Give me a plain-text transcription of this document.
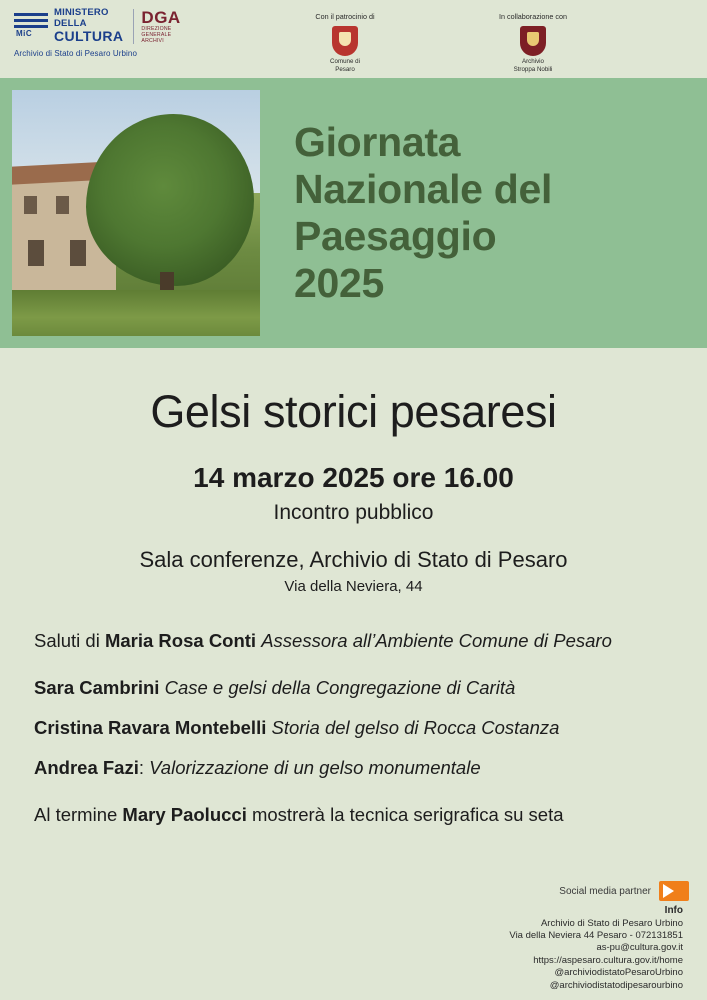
MiC
MINISTERO
DELLA
CULTURA
DGA
DIREZIONE
GENERALE
ARCHIVI
Archivio di Stato di Pesaro Urbino
Con il patrocinio di
Comune di
Pesaro
In collaborazione con
Archivio
Stroppa Nobili
Giornata
Nazionale del
Paesaggio
2025
Gelsi storici pesaresi
14 marzo 2025 ore 16.00
Incontro pubblico
Sala conferenze, Archivio di Stato di Pesaro
Via della Neviera, 44
Saluti di Maria Rosa Conti Assessora all’Ambiente Comune di Pesaro
Sara Cambrini Case e gelsi della Congregazione di Carità
Cristina Ravara Montebelli Storia del gelso di Rocca Costanza
Andrea Fazi: Valorizzazione di un gelso monumentale
Al termine Mary Paolucci mostrerà la tecnica serigrafica su seta
Social media partner
Info
Archivio di Stato di Pesaro Urbino
Via della Neviera 44 Pesaro - 072131851
as-pu@cultura.gov.it
https://aspesaro.cultura.gov.it/home
@archiviodistatoPesaroUrbino
@archiviodistatodipesarourbino
